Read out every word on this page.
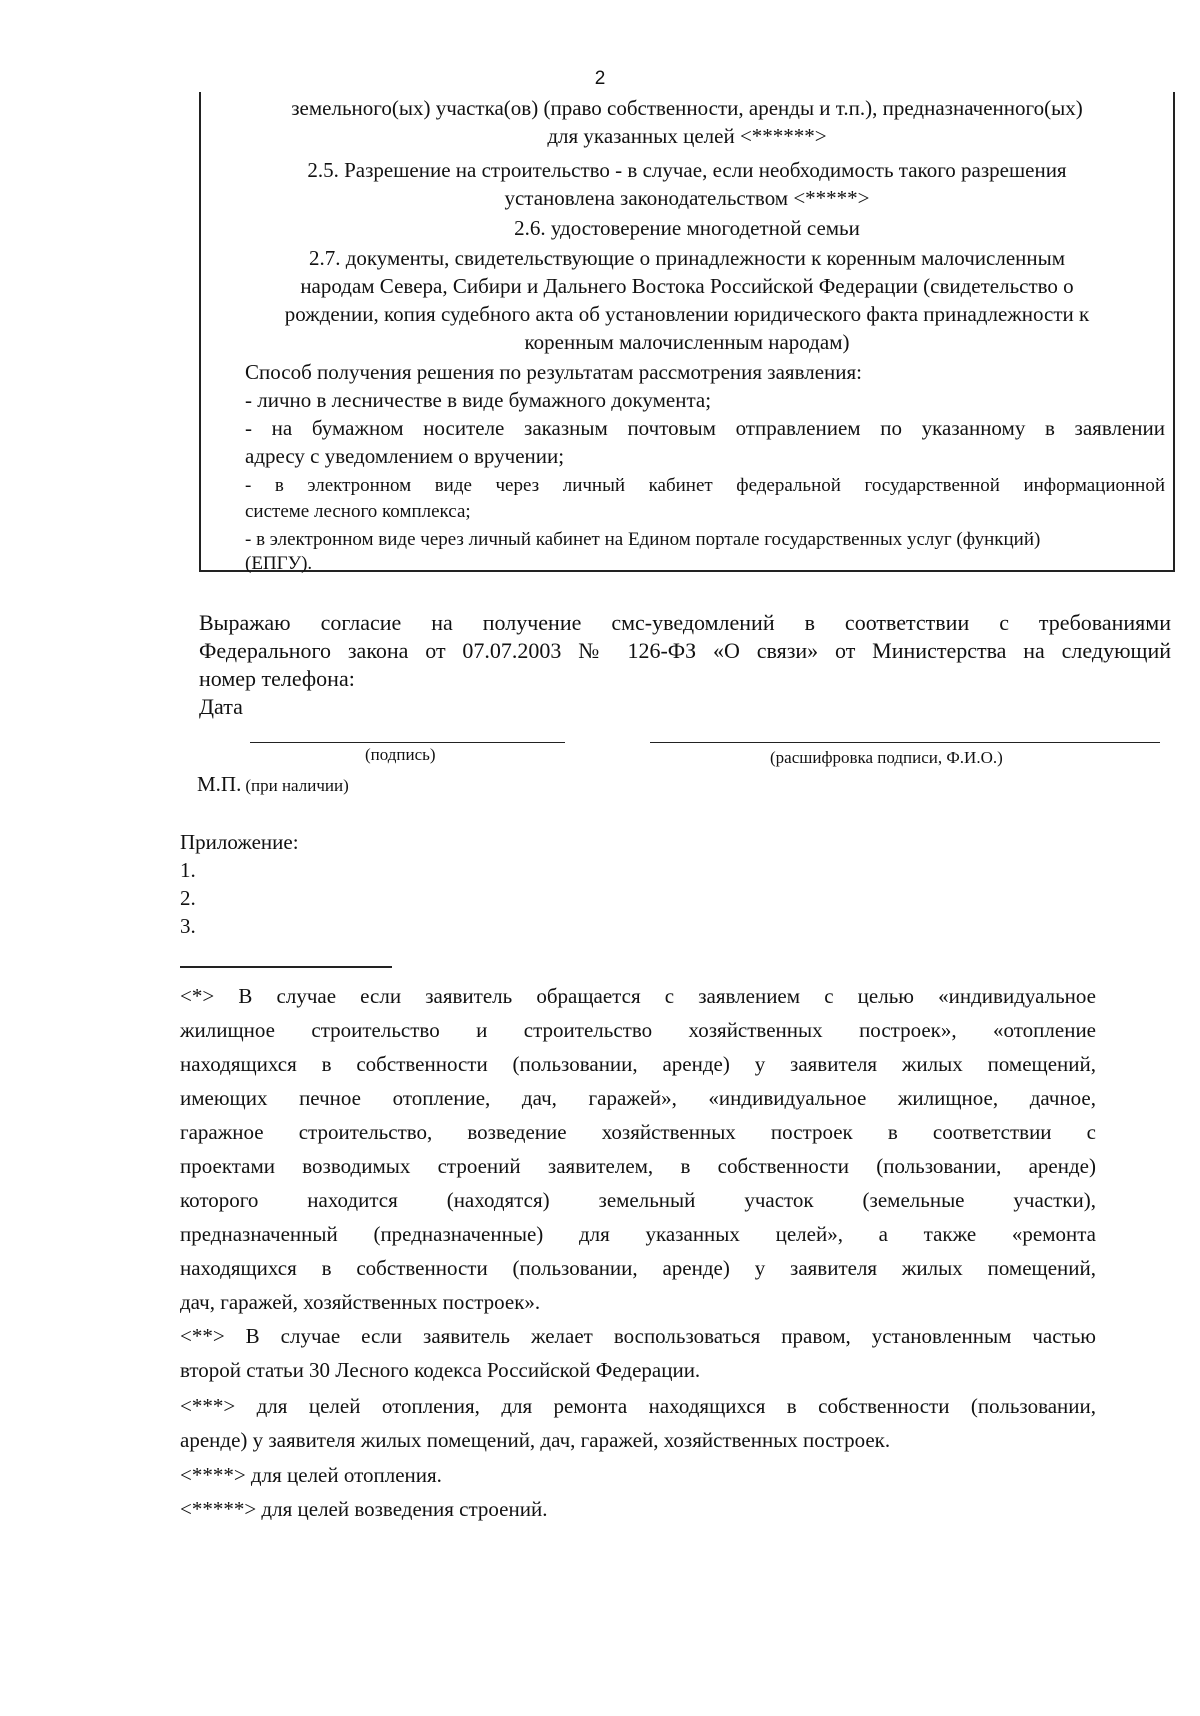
2
земельного(ых) участка(ов) (право собственности, аренды и т.п.), предназначенного(ых)
для указанных целей <******>
2.5. Разрешение на строительство - в случае, если необходимость такого разрешения
установлена законодательством <*****>
2.6. удостоверение многодетной семьи
2.7. документы, свидетельствующие о принадлежности к коренным малочисленным
народам Севера, Сибири и Дальнего Востока Российской Федерации (свидетельство о
рождении, копия судебного акта об установлении юридического факта принадлежности к
коренным малочисленным народам)
Способ получения решения по результатам рассмотрения заявления:
- лично в лесничестве в виде бумажного документа;
- на бумажном носителе заказным почтовым отправлением по указанному в заявлении
адресу с уведомлением о вручении;
- в электронном виде через личный кабинет федеральной государственной информационной
системе лесного комплекса;
- в электронном виде через личный кабинет на Едином портале государственных услуг (функций)
(ЕПГУ).
Выражаю согласие на получение смс-уведомлений в соответствии с требованиями
Федерального закона от 07.07.2003 № 126-ФЗ «О связи» от Министерства на следующий
номер телефона:
Дата
(подпись)	(расшифровка подписи, Ф.И.О.)
М.П. (при наличии)
Приложение:
1.
2.
3.
<*> В случае если заявитель обращается с заявлением с целью «индивидуальное
жилищное строительство и строительство хозяйственных построек», «отопление
находящихся в собственности (пользовании, аренде) у заявителя жилых помещений,
имеющих печное отопление, дач, гаражей», «индивидуальное жилищное, дачное,
гаражное строительство, возведение хозяйственных построек в соответствии с
проектами возводимых строений заявителем, в собственности (пользовании, аренде)
которого находится (находятся) земельный участок (земельные участки),
предназначенный (предназначенные) для указанных целей», а также «ремонта
находящихся в собственности (пользовании, аренде) у заявителя жилых помещений,
дач, гаражей, хозяйственных построек».
<**> В случае если заявитель желает воспользоваться правом, установленным частью
второй статьи 30 Лесного кодекса Российской Федерации.
<***> для целей отопления, для ремонта находящихся в собственности (пользовании,
аренде) у заявителя жилых помещений, дач, гаражей, хозяйственных построек.
<****> для целей отопления.
<*****> для целей возведения строений.
